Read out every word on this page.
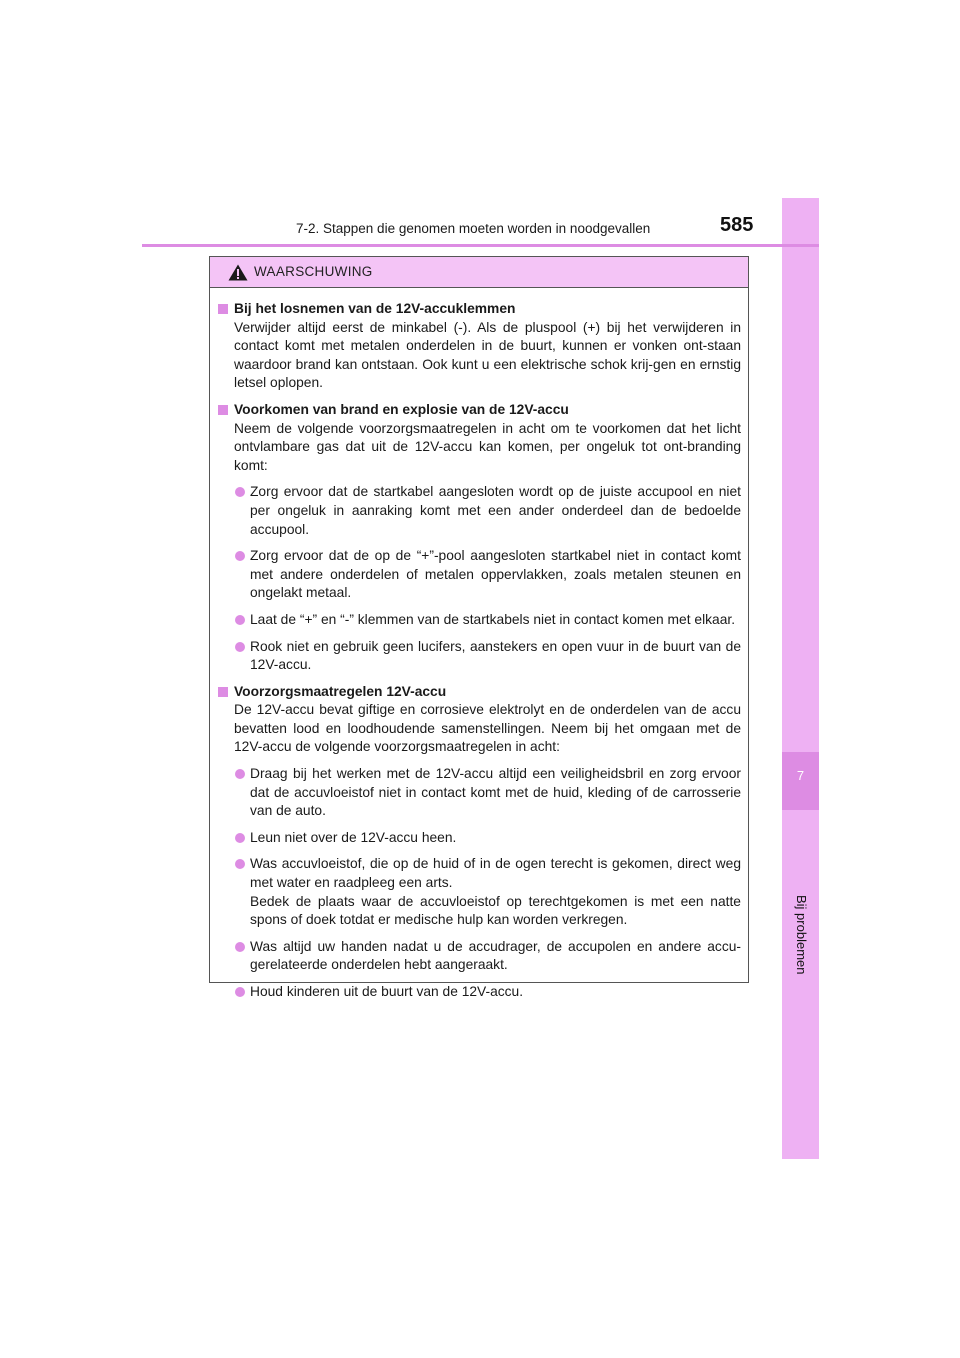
7
Bij problemen
7-2. Stappen die genomen moeten worden in noodgevallen	585
WAARSCHUWING
Bij het losnemen van de 12V-accuklemmen
Verwijder altijd eerst de minkabel (-). Als de pluspool (+) bij het verwijderen in contact komt met metalen onderdelen in de buurt, kunnen er vonken ont-staan waardoor brand kan ontstaan. Ook kunt u een elektrische schok krij-gen en ernstig letsel oplopen.
Voorkomen van brand en explosie van de 12V-accu
Neem de volgende voorzorgsmaatregelen in acht om te voorkomen dat het licht ontvlambare gas dat uit de 12V-accu kan komen, per ongeluk tot ont-branding komt:
Zorg ervoor dat de startkabel aangesloten wordt op de juiste accupool en niet per ongeluk in aanraking komt met een ander onderdeel dan de bedoelde accupool.
Zorg ervoor dat de op de “+”-pool aangesloten startkabel niet in contact komt met andere onderdelen of metalen oppervlakken, zoals metalen steunen en ongelakt metaal.
Laat de “+” en “-” klemmen van de startkabels niet in contact komen met elkaar.
Rook niet en gebruik geen lucifers, aanstekers en open vuur in de buurt van de 12V-accu.
Voorzorgsmaatregelen 12V-accu
De 12V-accu bevat giftige en corrosieve elektrolyt en de onderdelen van de accu bevatten lood en loodhoudende samenstellingen. Neem bij het omgaan met de 12V-accu de volgende voorzorgsmaatregelen in acht:
Draag bij het werken met de 12V-accu altijd een veiligheidsbril en zorg ervoor dat de accuvloeistof niet in contact komt met de huid, kleding of de carrosserie van de auto.
Leun niet over de 12V-accu heen.
Was accuvloeistof, die op de huid of in de ogen terecht is gekomen, direct weg met water en raadpleeg een arts.
Bedek de plaats waar de accuvloeistof op terechtgekomen is met een natte spons of doek totdat er medische hulp kan worden verkregen.
Was altijd uw handen nadat u de accudrager, de accupolen en andere accu-gerelateerde onderdelen hebt aangeraakt.
Houd kinderen uit de buurt van de 12V-accu.
